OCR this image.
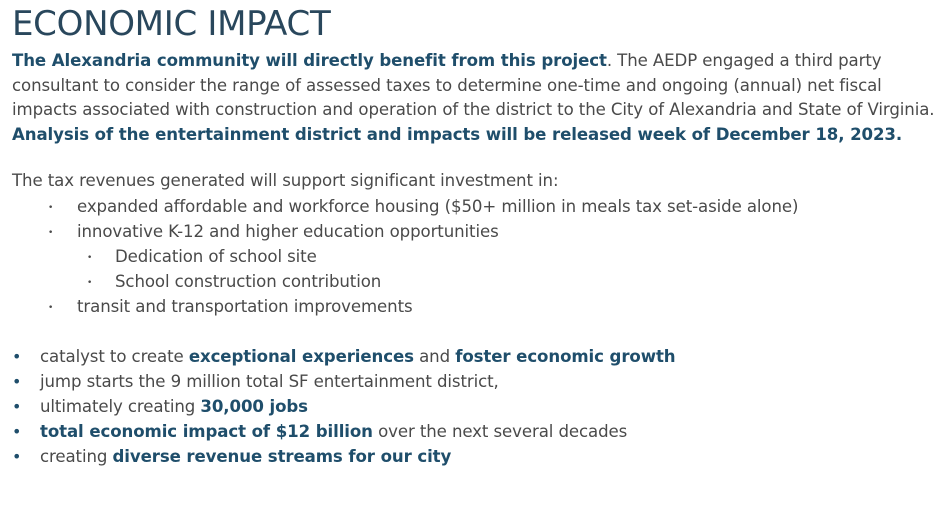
ECONOMIC IMPACT

The Alexandria community will directly benefit from this project. The AEDP engaged a third party consultant to consider the range of assessed taxes to determine one-time and ongoing (annual) net fiscal impacts associated with construction and operation of the district to the City of Alexandria and State of Virginia. Analysis of the entertainment district and impacts will be released week of December 18, 2023.

The tax revenues generated will support significant investment in:

• expanded affordable and workforce housing ($50+ million in meals tax set-aside alone)
• innovative K-12 and higher education opportunities
• Dedication of school site
• School construction contribution
• transit and transportation improvements
• catalyst to create exceptional experiences and foster economic growth
• jump starts the 9 million total SF entertainment district,
• ultimately creating 30,000 jobs
• total economic impact of $12 billion over the next several decades
• creating diverse revenue streams for our city
